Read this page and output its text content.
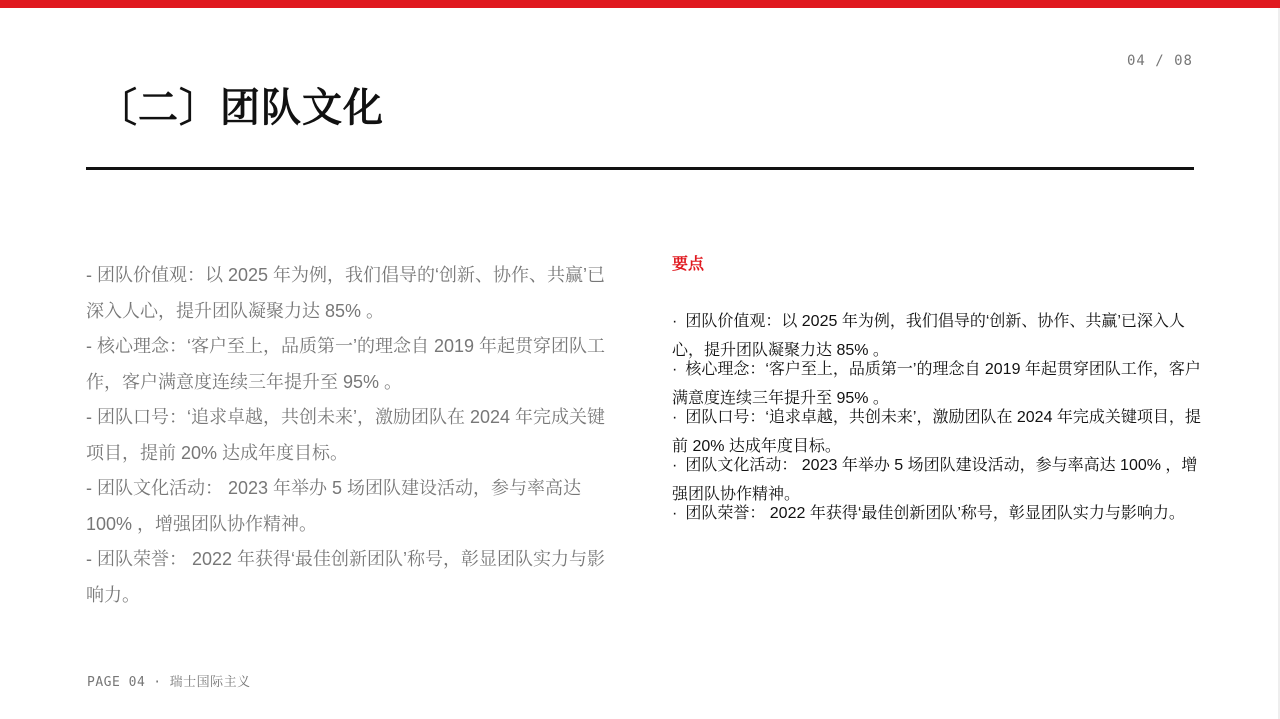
04 / 08
〔二〕团队文化

- 团队价值观：以 2025 年为例，我们倡导的‘创新、协作、共赢’已深入人心，提升团队凝聚力达 85% 。

- 核心理念：‘客户至上，品质第一’的理念自 2019 年起贯穿团队工作，客户满意度连续三年提升至 95% 。

- 团队口号：‘追求卓越，共创未来’，激励团队在 2024 年完成关键项目，提前 20% 达成年度目标。

- 团队文化活动： 2023 年举办 5 场团队建设活动，参与率高达 100% ，增强团队协作精神。

- 团队荣誉： 2022 年获得‘最佳创新团队’称号，彰显团队实力与影响力。

要点
· 团队价值观：以 2025 年为例，我们倡导的‘创新、协作、共赢’已深入人心，提升团队凝聚力达 85% 。
· 核心理念：‘客户至上，品质第一’的理念自 2019 年起贯穿团队工作，客户满意度连续三年提升至 95% 。
· 团队口号：‘追求卓越，共创未来’，激励团队在 2024 年完成关键项目，提前 20% 达成年度目标。
· 团队文化活动： 2023 年举办 5 场团队建设活动，参与率高达 100% ，增强团队协作精神。
· 团队荣誉： 2022 年获得‘最佳创新团队’称号，彰显团队实力与影响力。
PAGE 04 · 瑞士国际主义
